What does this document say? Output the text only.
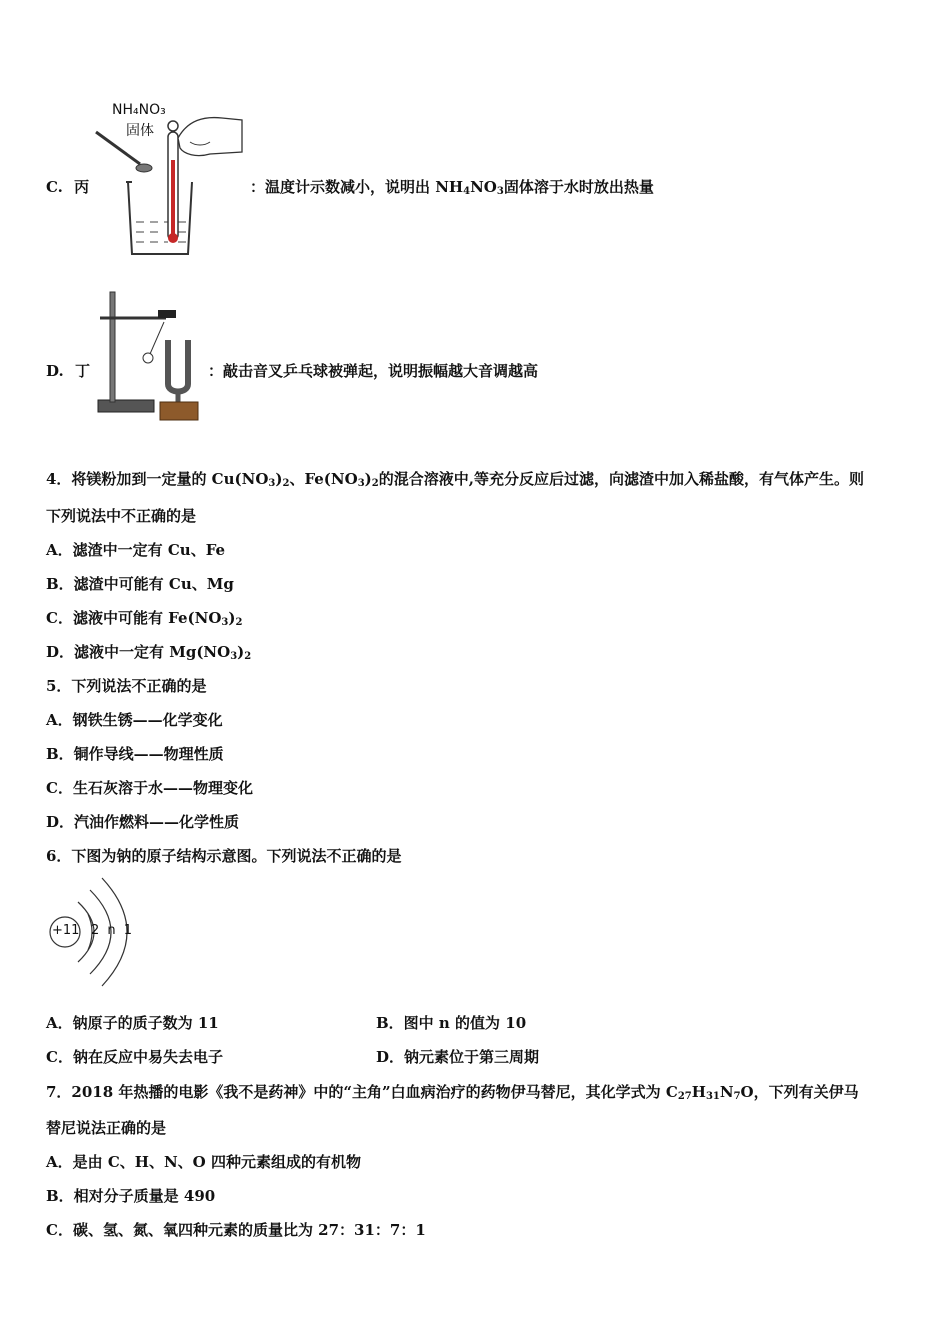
C. 丙
NH₄NO₃
固体
：温度计示数减小，说明出 $NH_4NO_3$固体溶于水时放出热量
D. 丁	：敲击音叉乒乓球被弹起，说明振幅越大音调越高
4．将镁粉加到一定量的 $Cu(NO_3)_2$、$Fe(NO_3)_2$的混合溶液中,等充分反应后过滤，向滤渣中加入稀盐酸，有气体产生。则
下列说法中不正确的是
A．滤渣中一定有 Cu、Fe
B．滤渣中可能有 Cu、Mg
C．滤液中可能有 $Fe(NO_3)_2$
D．滤液中一定有 $Mg(NO_3)_2$
5．下列说法不正确的是
A．钢铁生锈——化学变化
B．铜作导线——物理性质
C．生石灰溶于水——物理变化
D．汽油作燃料——化学性质
6．下图为钠的原子结构示意图。下列说法不正确的是
+11 2 n 1
A．钠原子的质子数为 11	B．图中 n 的值为 10
C．钠在反应中易失去电子	D．钠元素位于第三周期
7．2018 年热播的电影《我不是药神》中的“主角”白血病治疗的药物伊马替尼，其化学式为 $C_{27}H_{31}N_7O$，下列有关伊马
替尼说法正确的是
A．是由 C、H、N、O 四种元素组成的有机物
B．相对分子质量是 490
C．碳、氢、氮、氧四种元素的质量比为 27：31：7：1
